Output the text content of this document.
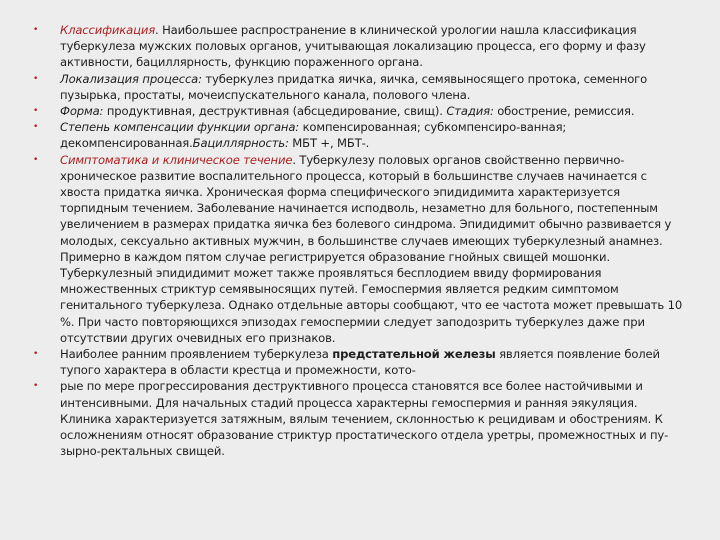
• Классификация. Наибольшее распространение в клинической урологии нашла классификация туберкулеза мужских половых органов, учитывающая локализацию процесса, его форму и фазу активности, бациллярность, функцию пораженного органа.
• Локализация процесса: туберкулез придатка яичка, яичка, семявыносящего протока, семенного пузырька, простаты, мочеиспускательного канала, полового члена.
• Форма: продуктивная, деструктивная (абсцедирование, свищ). Стадия: обострение, ремиссия.
• Степень компенсации функции органа: компенсированная; субкомпенсиро-ванная; декомпенсированная.Бациллярность: МБТ +, МБТ-.
• Симптоматика и клиническое течение. Туберкулезу половых органов свойственно первично-хроническое развитие воспалительного процесса, который в большинстве случаев начинается с хвоста придатка яичка. Хроническая форма специфического эпидидимита характеризуется торпидным течением. Заболевание начинается исподволь, незаметно для больного, постепенным увеличением в размерах придатка яичка без болевого синдрома. Эпидидимит обычно развивается у молодых, сексуально активных мужчин, в большинстве случаев имеющих туберкулезный анамнез. Примерно в каждом пятом случае регистрируется образование гнойных свищей мошонки. Туберкулезный эпидидимит может также проявляться бесплодием ввиду формирования множественных стриктур семявыносящих путей. Гемоспермия является редким симптомом генитального туберкулеза. Однако отдельные авторы сообщают, что ее частота может превышать 10 %. При часто повторяющихся эпизодах гемоспермии следует заподозрить туберкулез даже при отсутствии других очевидных его признаков.
• Наиболее ранним проявлением туберкулеза предстательной железы является появление болей тупого характера в области крестца и промежности, кото-
• рые по мере прогрессирования деструктивного процесса становятся все более настойчивыми и интенсивными. Для начальных стадий процесса характерны гемоспермия и ранняя эякуляция. Клиника характеризуется затяжным, вялым течением, склонностью к рецидивам и обострениям. К осложнениям относят образование стриктур простатического отдела уретры, промежностных и пу-зырно-ректальных свищей.
